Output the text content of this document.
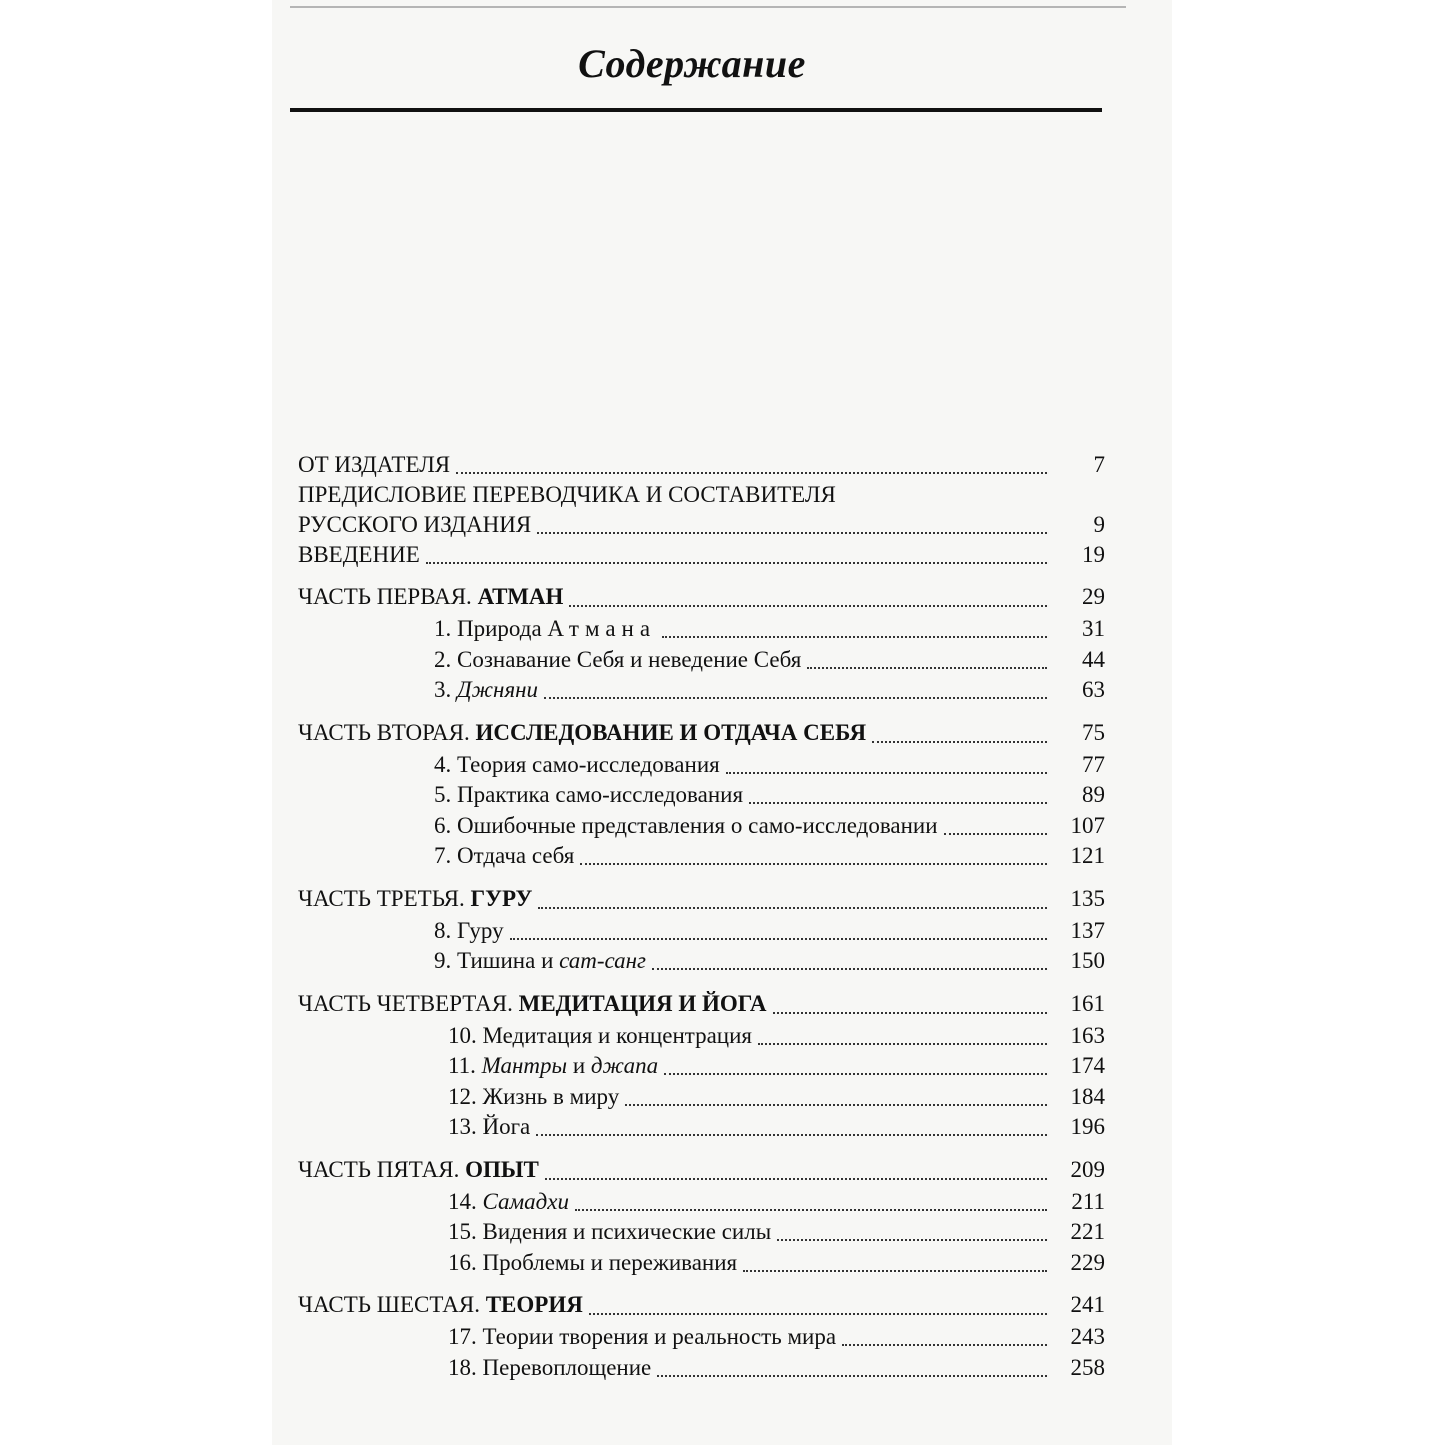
Содержание
ОТ ИЗДАТЕЛЯ	7
ПРЕДИСЛОВИЕ ПЕРЕВОДЧИКА И СОСТАВИТЕЛЯ
РУССКОГО ИЗДАНИЯ	9
ВВЕДЕНИЕ	19
ЧАСТЬ ПЕРВАЯ. АТМАН	29
1. Природа Атмана	31
2. Сознавание Себя и неведение Себя	44
3. Джняни	63
ЧАСТЬ ВТОРАЯ. ИССЛЕДОВАНИЕ И ОТДАЧА СЕБЯ	75
4. Теория само-исследования	77
5. Практика само-исследования	89
6. Ошибочные представления о само-исследовании	107
7. Отдача себя	121
ЧАСТЬ ТРЕТЬЯ. ГУРУ	135
8. Гуру	137
9. Тишина и сат-санг	150
ЧАСТЬ ЧЕТВЕРТАЯ. МЕДИТАЦИЯ И ЙОГА	161
10. Медитация и концентрация	163
11. Мантры и джапа	174
12. Жизнь в миру	184
13. Йога	196
ЧАСТЬ ПЯТАЯ. ОПЫТ	209
14. Самадхи	211
15. Видения и психические силы	221
16. Проблемы и переживания	229
ЧАСТЬ ШЕСТАЯ. ТЕОРИЯ	241
17. Теории творения и реальность мира	243
18. Перевоплощение	258
